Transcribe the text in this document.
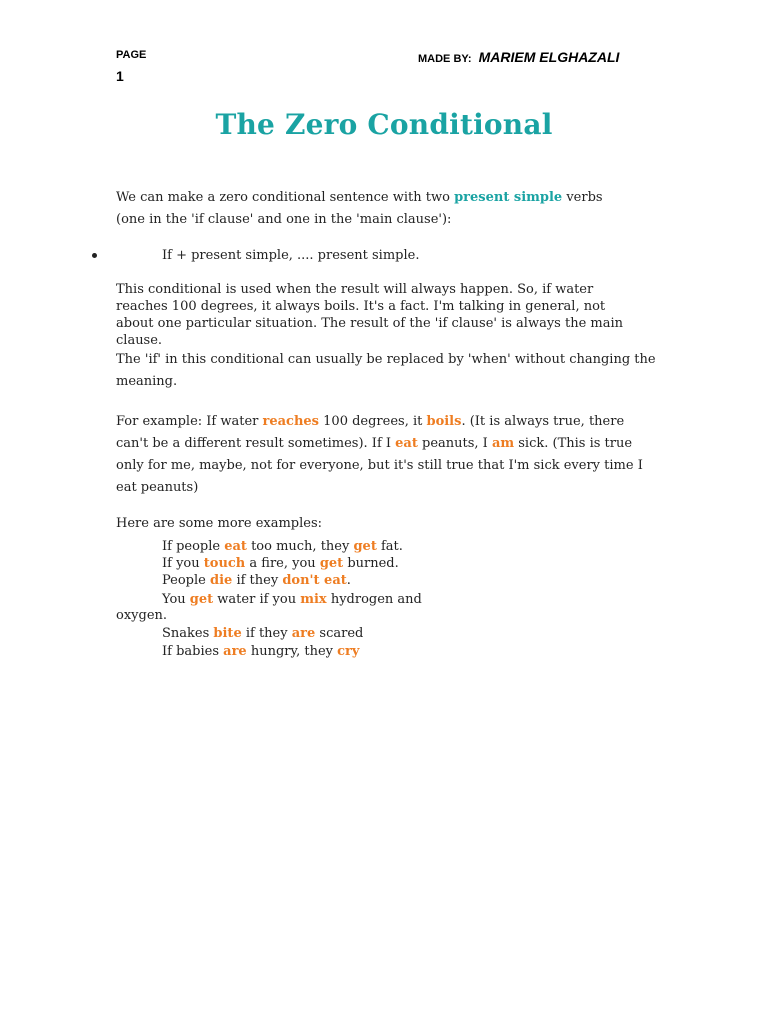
PAGE
1
MADE BY: MARIEM ELGHAZALI
The Zero Conditional
We can make a zero conditional sentence with two present simple verbs
(one in the 'if clause' and one in the 'main clause'):
If + present simple, .... present simple.
This conditional is used when the result will always happen. So, if water reaches 100 degrees, it always boils. It's a fact. I'm talking in general, not about one particular situation. The result of the 'if clause' is always the main clause.
The 'if' in this conditional can usually be replaced by 'when' without changing the meaning.
For example: If water reaches 100 degrees, it boils. (It is always true, there can't be a different result sometimes). If I eat peanuts, I am sick. (This is true only for me, maybe, not for everyone, but it's still true that I'm sick every time I eat peanuts)
Here are some more examples:
If people eat too much, they get fat.
If you touch a fire, you get burned.
People die if they don't eat.
You get water if you mix hydrogen and
oxygen.
Snakes bite if they are scared
If babies are hungry, they cry
